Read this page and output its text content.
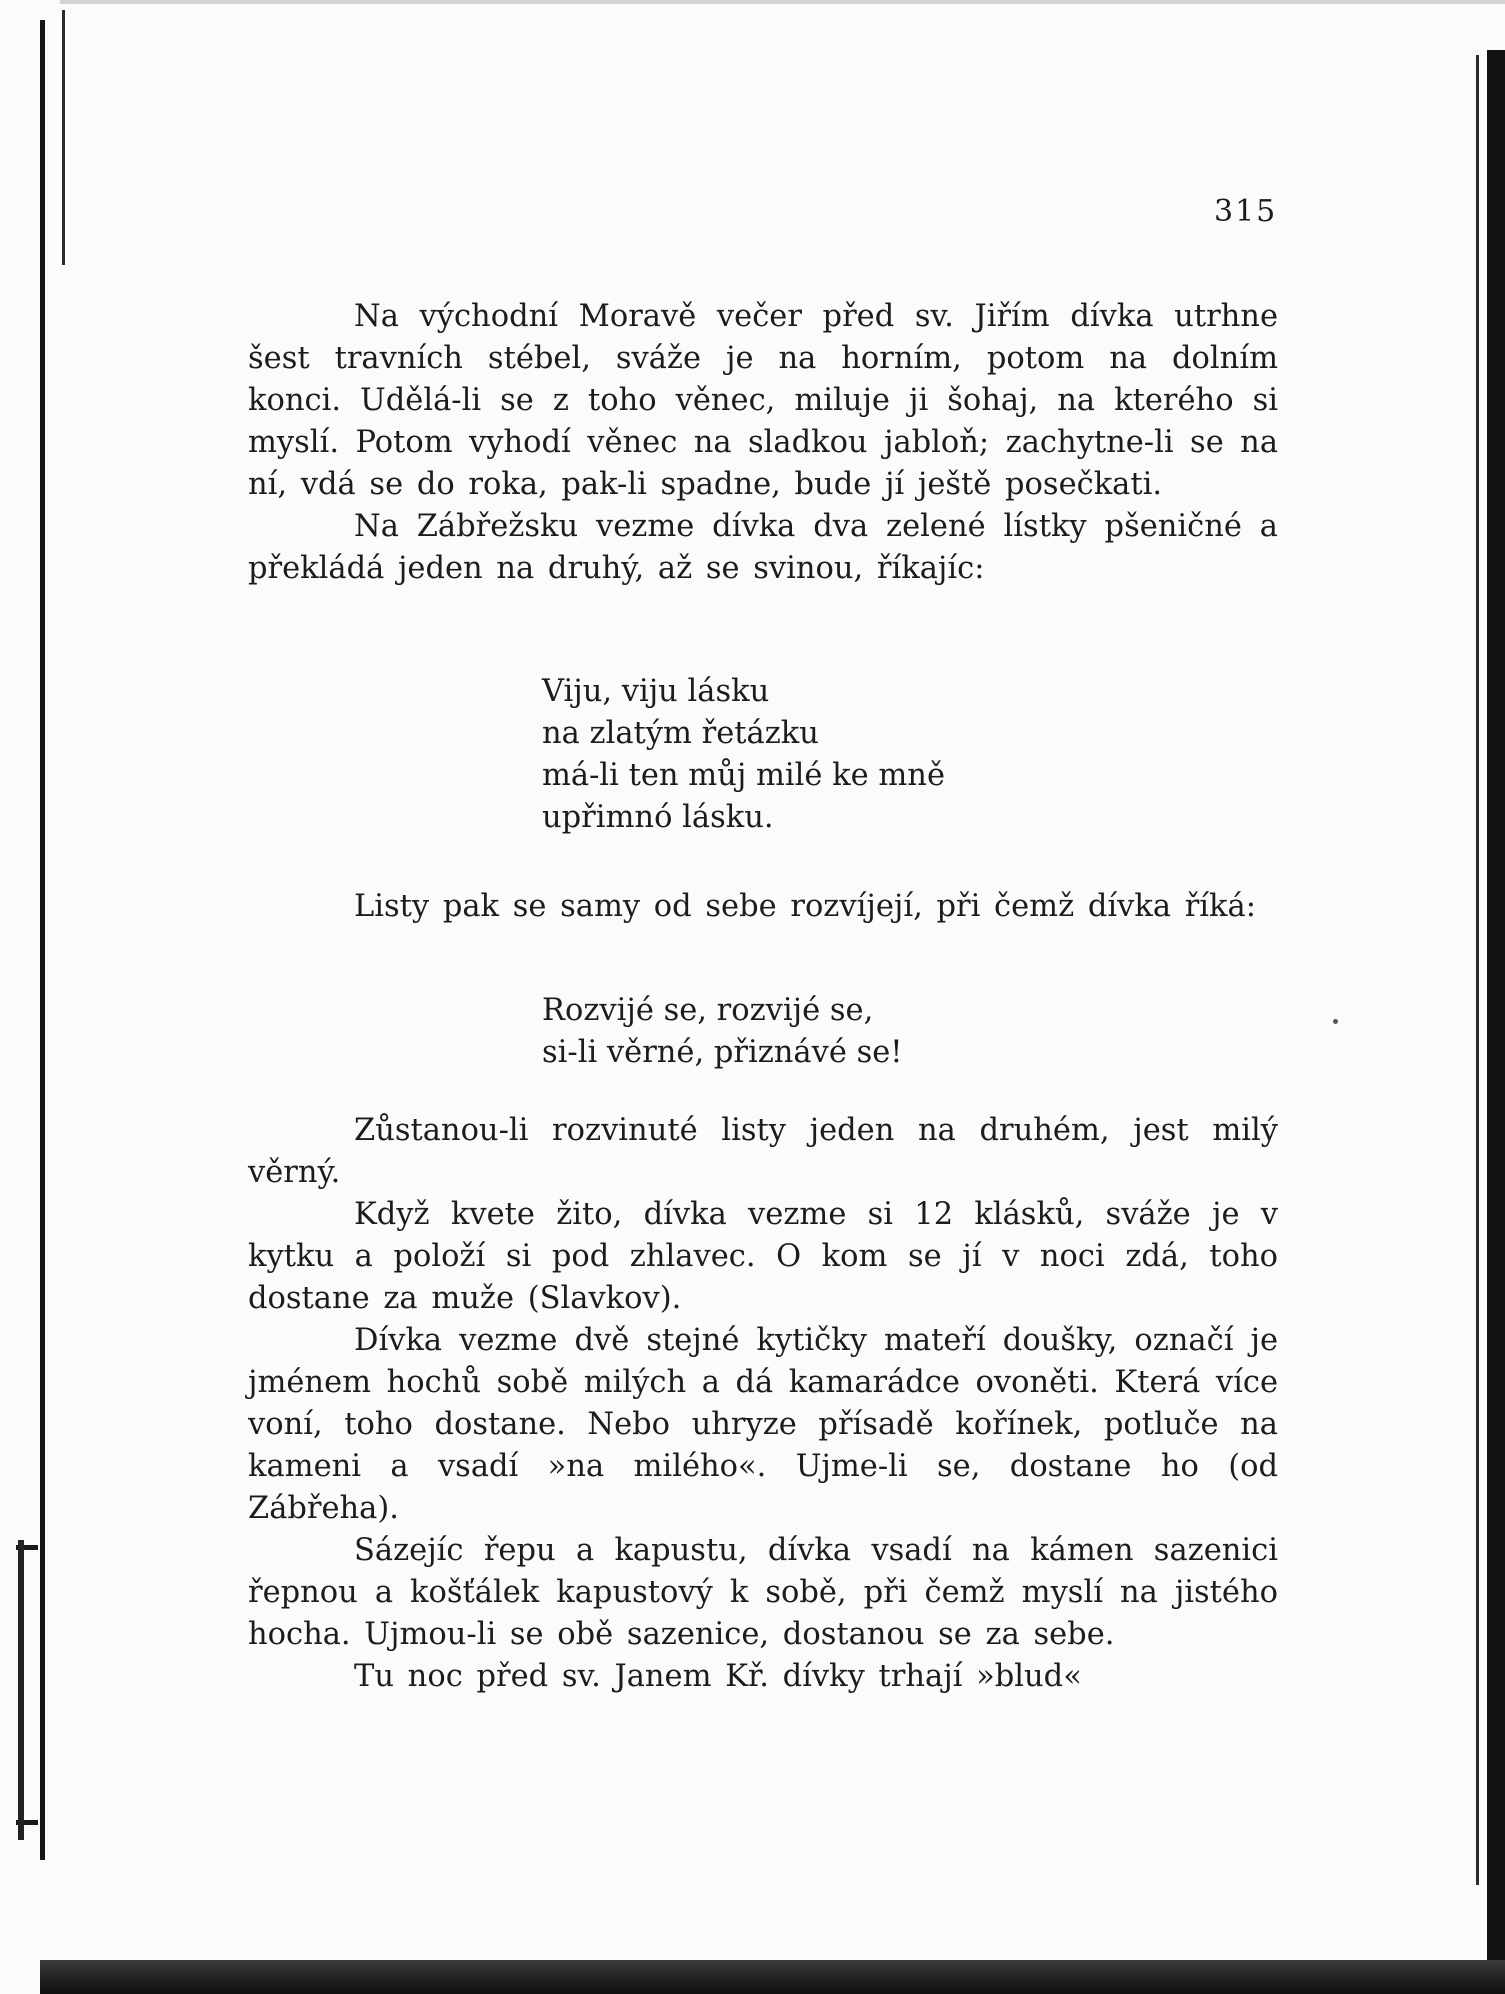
315

Na východní Moravě večer před sv. Jiřím dívka utrhne šest travních stébel, sváže je na horním, potom na dolním konci. Udělá-li se z toho věnec, miluje ji šohaj, na kterého si myslí. Potom vyhodí věnec na sladkou jabloň; zachytne-li se na ní, vdá se do roka, pak-li spadne, bude jí ještě posečkati.

Na Zábřežsku vezme dívka dva zelené lístky pšeničné a překládá jeden na druhý, až se svinou, říkajíc:

Viju, viju lásku
na zlatým řetázku
má-li ten můj milé ke mně
upřimnó lásku.

Listy pak se samy od sebe rozvíjejí, při čemž dívka říká:

Rozvijé se, rozvijé se,
si-li věrné, přiznávé se!

Zůstanou-li rozvinuté listy jeden na druhém, jest milý věrný.

Když kvete žito, dívka vezme si 12 klásků, sváže je v kytku a položí si pod zhlavec. O kom se jí v noci zdá, toho dostane za muže (Slavkov).

Dívka vezme dvě stejné kytičky mateří doušky, označí je jménem hochů sobě milých a dá kamarádce ovoněti. Která více voní, toho dostane. Nebo uhryze přísadě kořínek, potluče na kameni a vsadí »na milého«. Ujme-li se, dostane ho (od Zábřeha).

Sázejíc řepu a kapustu, dívka vsadí na kámen sazenici řepnou a košťálek kapustový k sobě, při čemž myslí na jistého hocha. Ujmou-li se obě sazenice, dostanou se za sebe.

Tu noc před sv. Janem Kř. dívky trhají »blud«
